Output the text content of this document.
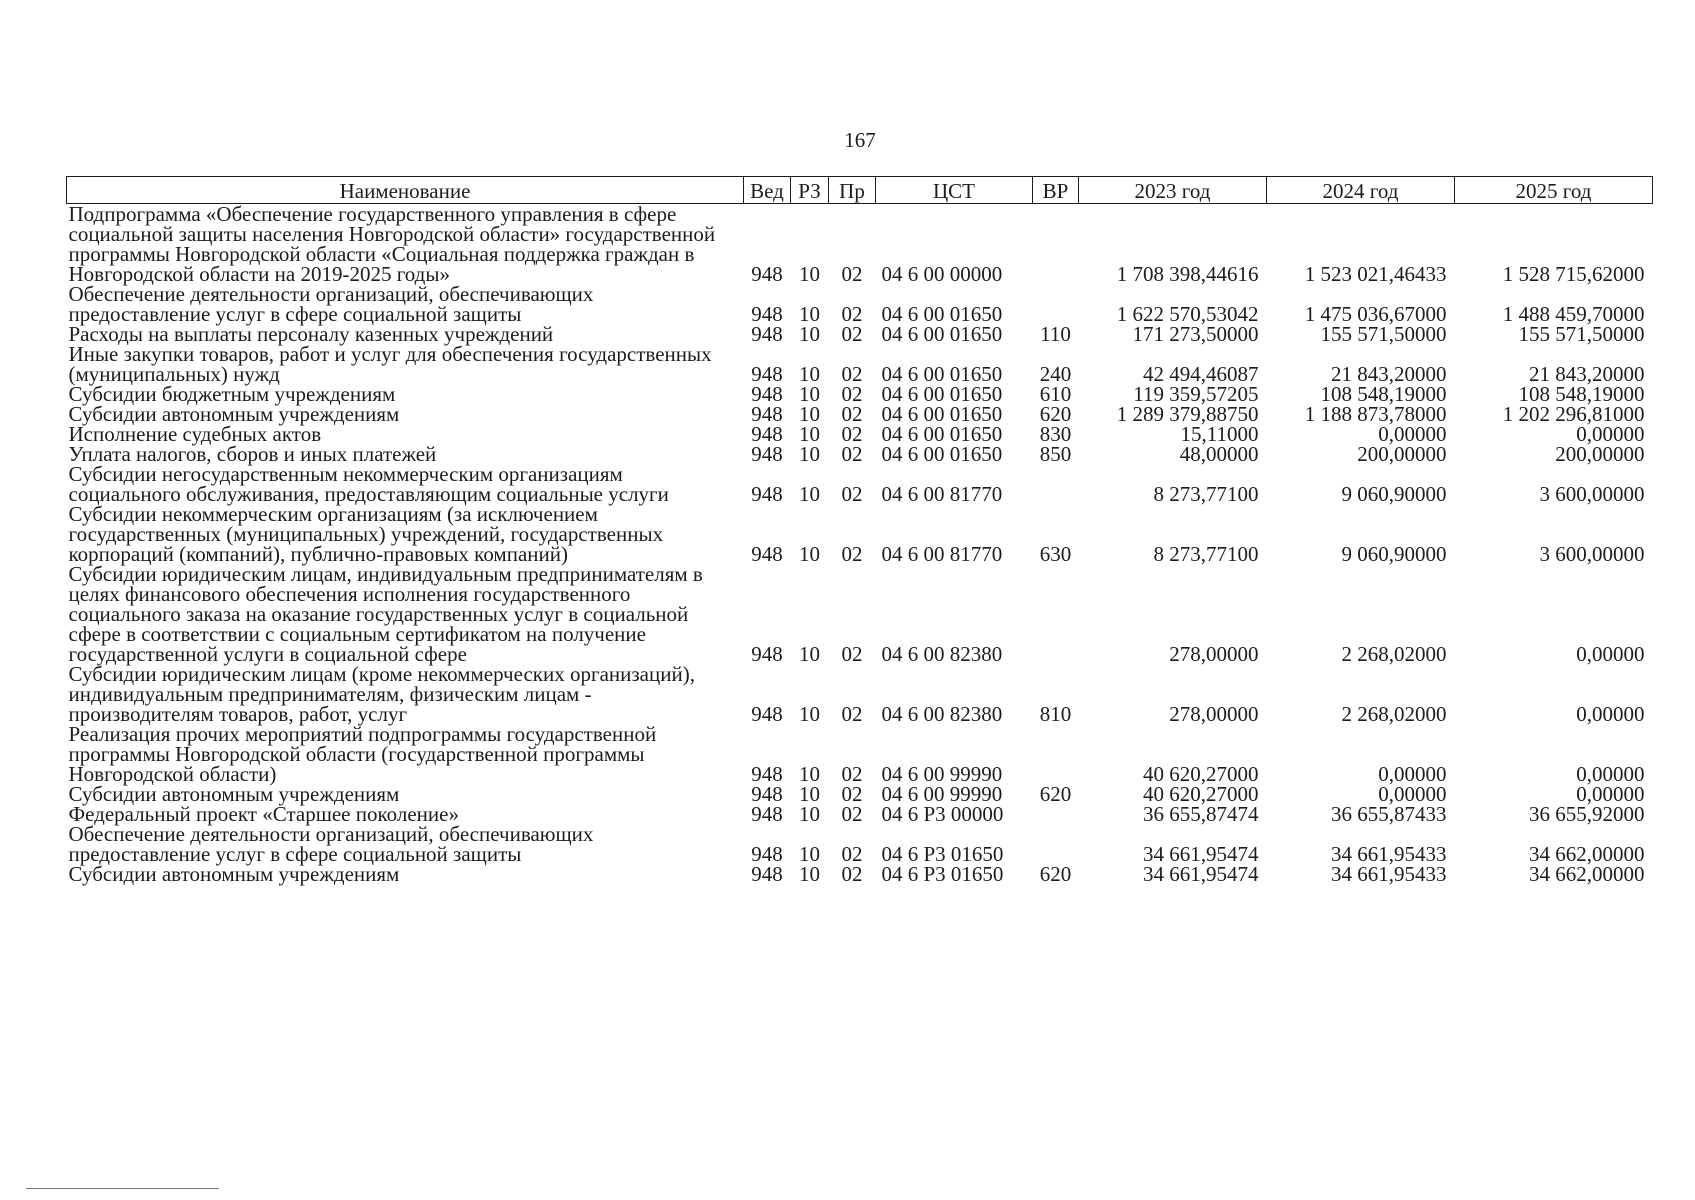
167
Наименование	Вед	РЗ	Пр	ЦСТ	ВР	2023 год	2024 год	2025 год
Подпрограмма «Обеспечение государственного управления в сфере социальной защиты населения Новгородской области» государственной программы Новгородской области «Социальная поддержка граждан в Новгородской области на 2019-2025 годы»	948	10	02	04 6 00 00000		1 708 398,44616	1 523 021,46433	1 528 715,62000
Обеспечение деятельности организаций, обеспечивающих предоставление услуг в сфере социальной защиты	948	10	02	04 6 00 01650		1 622 570,53042	1 475 036,67000	1 488 459,70000
Расходы на выплаты персоналу казенных учреждений	948	10	02	04 6 00 01650	110	171 273,50000	155 571,50000	155 571,50000
Иные закупки товаров, работ и услуг для обеспечения государственных (муниципальных) нужд	948	10	02	04 6 00 01650	240	42 494,46087	21 843,20000	21 843,20000
Субсидии бюджетным учреждениям	948	10	02	04 6 00 01650	610	119 359,57205	108 548,19000	108 548,19000
Субсидии автономным учреждениям	948	10	02	04 6 00 01650	620	1 289 379,88750	1 188 873,78000	1 202 296,81000
Исполнение судебных актов	948	10	02	04 6 00 01650	830	15,11000	0,00000	0,00000
Уплата налогов, сборов и иных платежей	948	10	02	04 6 00 01650	850	48,00000	200,00000	200,00000
Субсидии негосударственным некоммерческим организациям социального обслуживания, предоставляющим социальные услуги	948	10	02	04 6 00 81770		8 273,77100	9 060,90000	3 600,00000
Субсидии некоммерческим организациям (за исключением государственных (муниципальных) учреждений, государственных корпораций (компаний), публично-правовых компаний)	948	10	02	04 6 00 81770	630	8 273,77100	9 060,90000	3 600,00000
Субсидии юридическим лицам, индивидуальным предпринимателям в целях финансового обеспечения исполнения государственного социального заказа на оказание государственных услуг в социальной сфере в соответствии с социальным сертификатом на получение государственной услуги в социальной сфере	948	10	02	04 6 00 82380		278,00000	2 268,02000	0,00000
Субсидии юридическим лицам (кроме некоммерческих организаций), индивидуальным предпринимателям, физическим лицам - производителям товаров, работ, услуг	948	10	02	04 6 00 82380	810	278,00000	2 268,02000	0,00000
Реализация прочих мероприятий подпрограммы государственной программы Новгородской области (государственной программы Новгородской области)	948	10	02	04 6 00 99990		40 620,27000	0,00000	0,00000
Субсидии автономным учреждениям	948	10	02	04 6 00 99990	620	40 620,27000	0,00000	0,00000
Федеральный проект «Старшее поколение»	948	10	02	04 6 P3 00000		36 655,87474	36 655,87433	36 655,92000
Обеспечение деятельности организаций, обеспечивающих предоставление услуг в сфере социальной защиты	948	10	02	04 6 P3 01650		34 661,95474	34 661,95433	34 662,00000
Субсидии автономным учреждениям	948	10	02	04 6 P3 01650	620	34 661,95474	34 661,95433	34 662,00000
